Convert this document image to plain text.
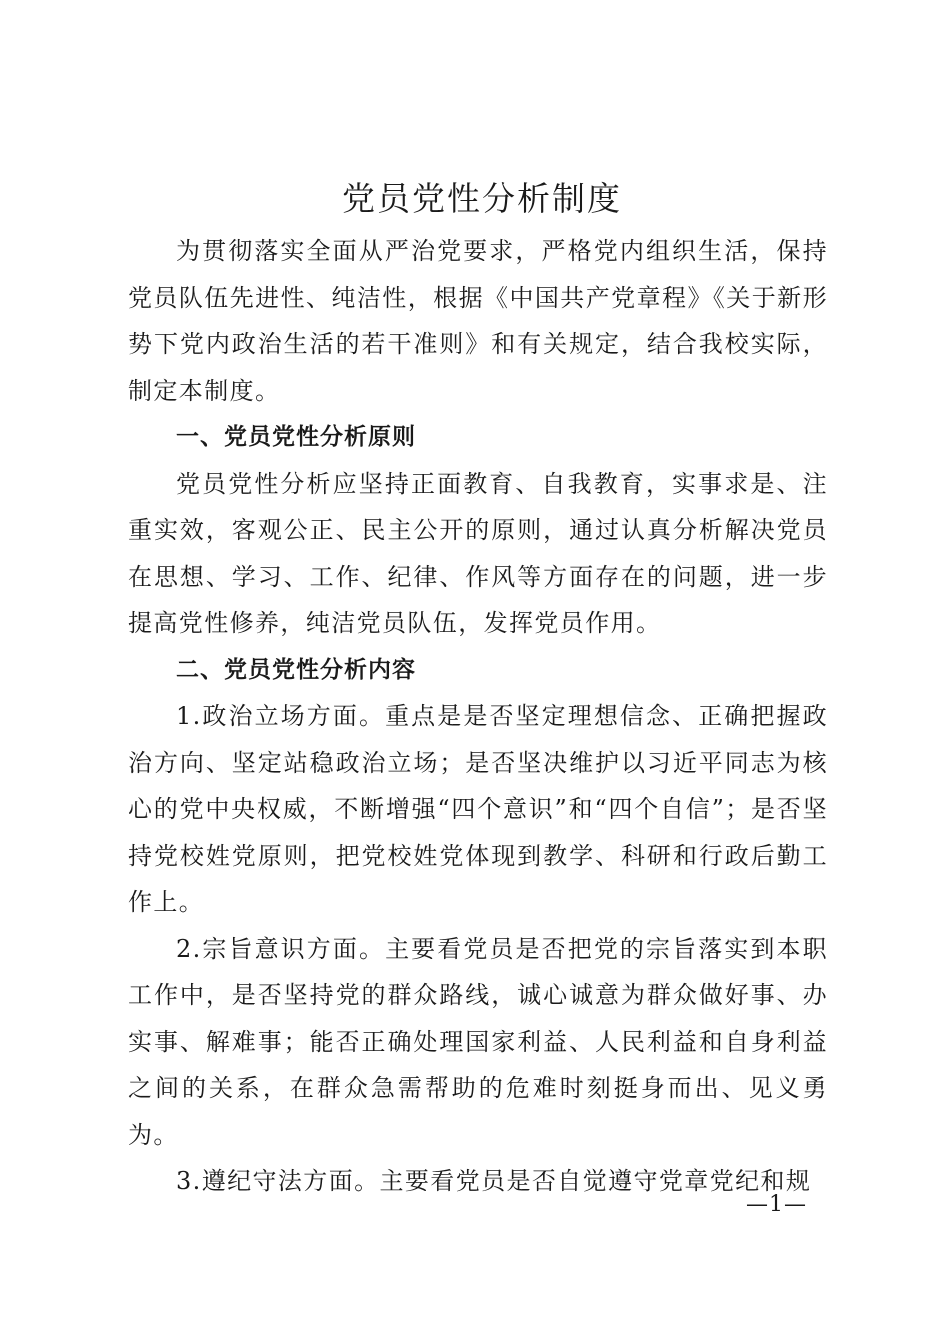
党员党性分析制度

为贯彻落实全面从严治党要求，严格党内组织生活，保持党员队伍先进性、纯洁性，根据《中国共产党章程》《关于新形势下党内政治生活的若干准则》和有关规定，结合我校实际，制定本制度。

一、党员党性分析原则

党员党性分析应坚持正面教育、自我教育，实事求是、注重实效，客观公正、民主公开的原则，通过认真分析解决党员在思想、学习、工作、纪律、作风等方面存在的问题，进一步提高党性修养，纯洁党员队伍，发挥党员作用。

二、党员党性分析内容

1.政治立场方面。重点是是否坚定理想信念、正确把握政治方向、坚定站稳政治立场；是否坚决维护以习近平同志为核心的党中央权威，不断增强“四个意识”和“四个自信”；是否坚持党校姓党原则，把党校姓党体现到教学、科研和行政后勤工作上。

2.宗旨意识方面。主要看党员是否把党的宗旨落实到本职工作中，是否坚持党的群众路线，诚心诚意为群众做好事、办实事、解难事；能否正确处理国家利益、人民利益和自身利益之间的关系，在群众急需帮助的危难时刻挺身而出、见义勇为。

3.遵纪守法方面。主要看党员是否自觉遵守党章党纪和规

—1—
